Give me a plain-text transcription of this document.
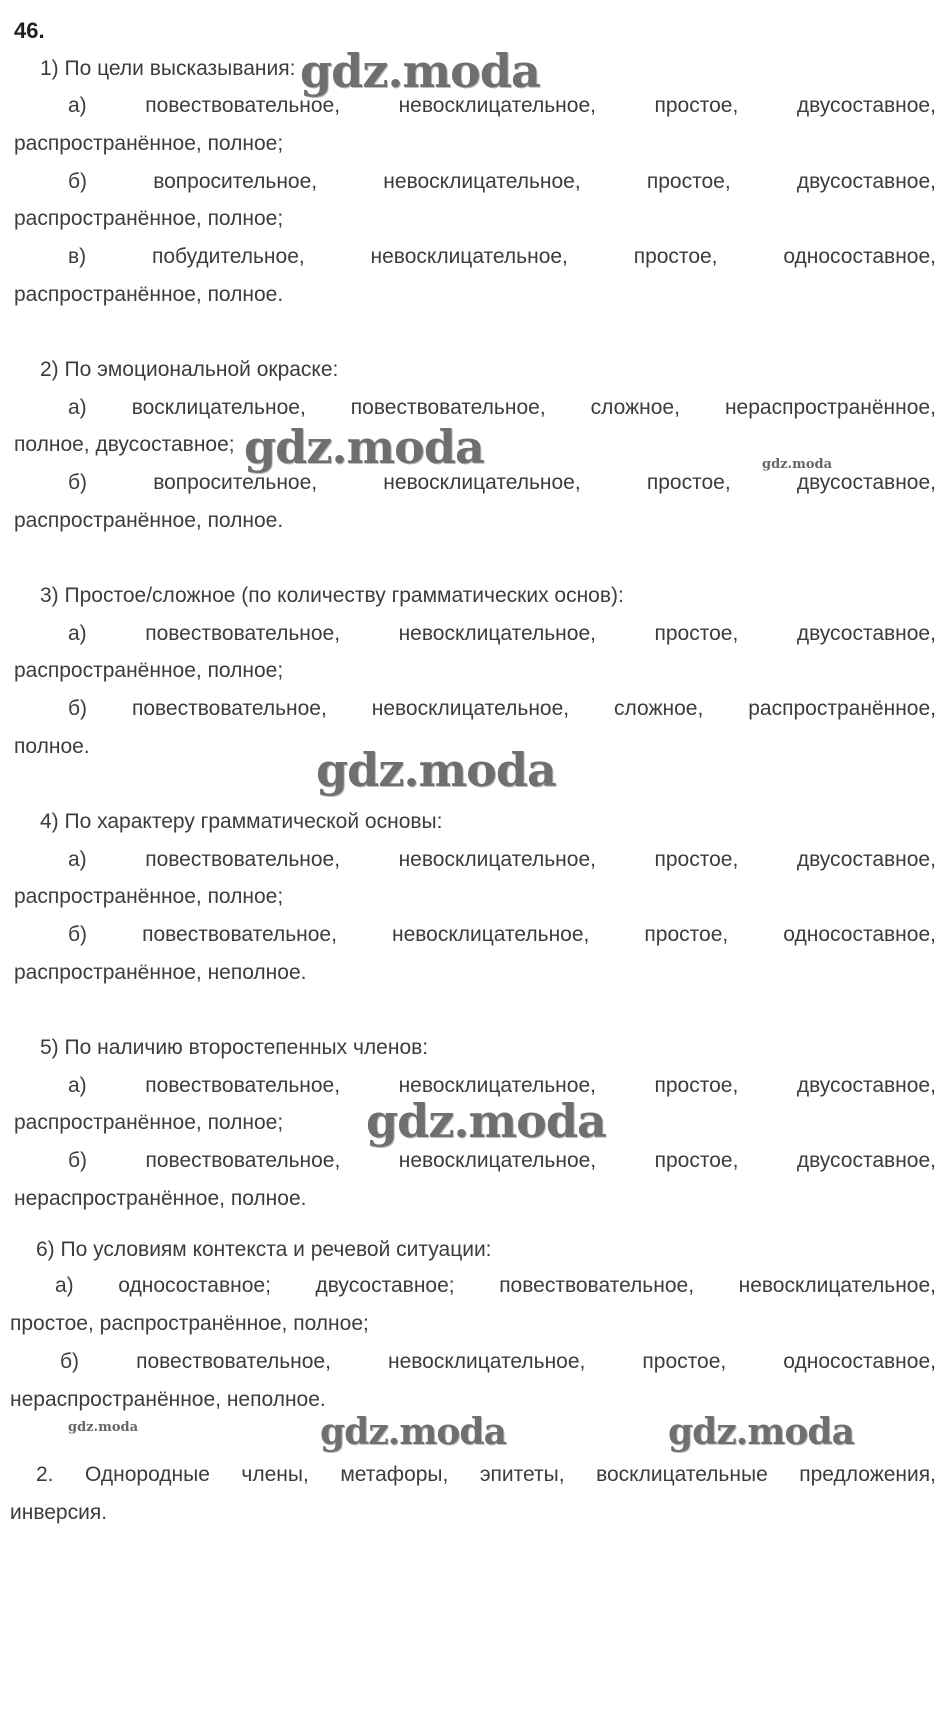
46.
1) По цели высказывания:
а)	повествовательное,	невосклицательное,	простое,	двусоставное,
распространённое, полное;
б)	вопросительное,	невосклицательное,	простое,	двусоставное,
распространённое, полное;
в)	побудительное,	невосклицательное,	простое,	односоставное,
распространённое, полное.
2) По эмоциональной окраске:
а) восклицательное, повествовательное, сложное, нераспространённое,
полное, двусоставное;
б)	вопросительное,	невосклицательное,	простое,	двусоставное,
распространённое, полное.
3) Простое/сложное (по количеству грамматических основ):
а)	повествовательное,	невосклицательное,	простое,	двусоставное,
распространённое, полное;
б) повествовательное, невосклицательное, сложное, распространённое,
полное.
4) По характеру грамматической основы:
а)	повествовательное,	невосклицательное,	простое,	двусоставное,
распространённое, полное;
б)	повествовательное,	невосклицательное,	простое,	односоставное,
распространённое, неполное.
5) По наличию второстепенных членов:
а)	повествовательное,	невосклицательное,	простое,	двусоставное,
распространённое, полное;
б)	повествовательное,	невосклицательное,	простое,	двусоставное,
нераспространённое, полное.
6) По условиям контекста и речевой ситуации:
а) односоставное; двусоставное; повествовательное, невосклицательное,
простое, распространённое, полное;
б)	повествовательное,	невосклицательное,	простое,	односоставное,
нераспространённое, неполное.
2. Однородные члены, метафоры, эпитеты, восклицательные предложения,
инверсия.
gdz.moda
gdz.moda	gdz.moda
gdz.moda
gdz.moda
gdz.moda	gdz.moda	gdz.moda
